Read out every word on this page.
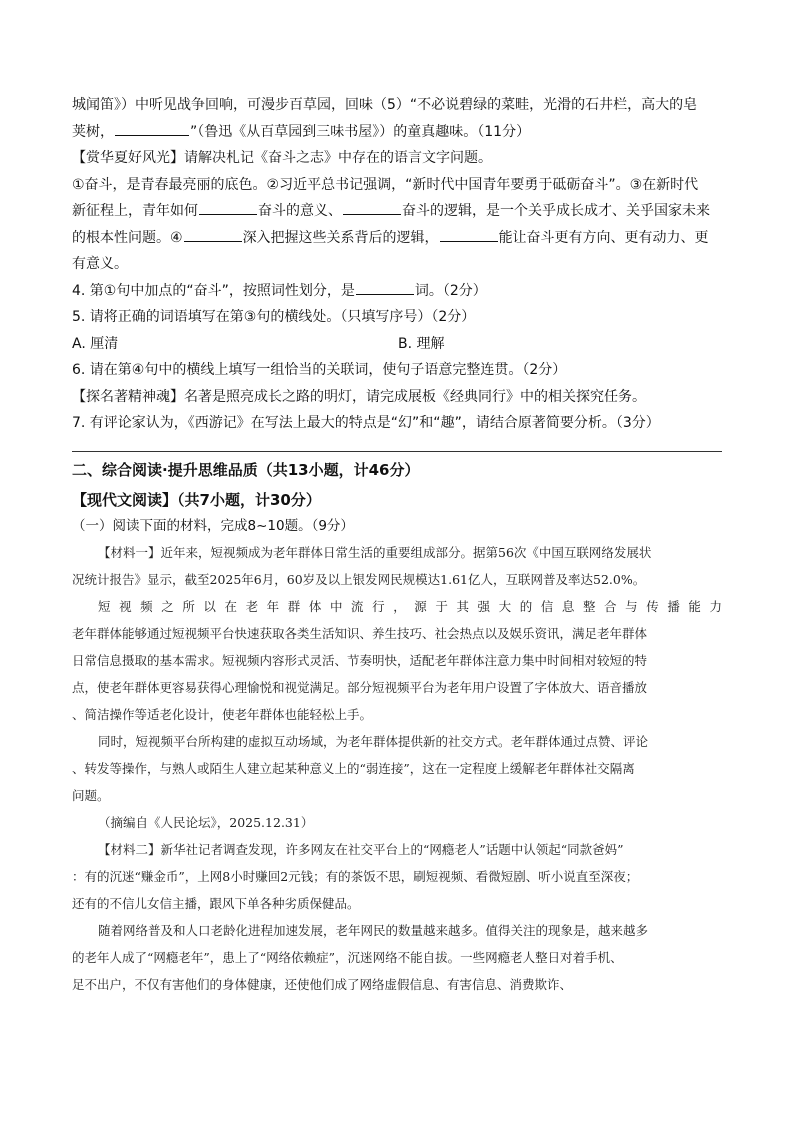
城闻笛》）中听见战争回响，可漫步百草园，回味（5）“不必说碧绿的菜畦，光滑的石井栏，高大的皂

荚树，	”（鲁迅《从百草园到三味书屋》）的童真趣味。（11分）

【赏华夏好风光】请解决札记《奋斗之志》中存在的语言文字问题。

①奋斗，是青春最亮丽的底色。②习近平总书记强调，“新时代中国青年要勇于砥砺奋斗”。③在新时代

新征程上，青年如何	奋斗的意义、	奋斗的逻辑，是一个关乎成长成才、关乎国家未来

的根本性问题。④	深入把握这些关系背后的逻辑，	能让奋斗更有方向、更有动力、更

有意义。

4. 第①句中加点的“奋斗”，按照词性划分，是	词。（2分）

5. 请将正确的词语填写在第③句的横线处。（只填写序号）（2分）

A. 厘清	B. 理解

6. 请在第④句中的横线上填写一组恰当的关联词，使句子语意完整连贯。（2分）

【探名著精神魂】名著是照亮成长之路的明灯，请完成展板《经典同行》中的相关探究任务。

7. 有评论家认为，《西游记》在写法上最大的特点是“幻”和“趣”，请结合原著简要分析。（3分）

二、综合阅读·提升思维品质（共13小题，计46分）

【现代文阅读】（共7小题，计30分）

（一）阅读下面的材料，完成8~10题。（9分）

【材料一】近年来，短视频成为老年群体日常生活的重要组成部分。据第56次《中国互联网络发展状

况统计报告》显示，截至2025年6月，60岁及以上银发网民规模达1.61亿人，互联网普及率达52.0%。

短视频之所以在老年群体中流行，源于其强大的信息整合与传播能力

老年群体能够通过短视频平台快速获取各类生活知识、养生技巧、社会热点以及娱乐资讯，满足老年群体

日常信息摄取的基本需求。短视频内容形式灵活、节奏明快，适配老年群体注意力集中时间相对较短的特

点，使老年群体更容易获得心理愉悦和视觉满足。部分短视频平台为老年用户设置了字体放大、语音播放

、简洁操作等适老化设计，使老年群体也能轻松上手。

同时，短视频平台所构建的虚拟互动场域，为老年群体提供新的社交方式。老年群体通过点赞、评论

、转发等操作，与熟人或陌生人建立起某种意义上的“弱连接”，这在一定程度上缓解老年群体社交隔离

问题。

（摘编自《人民论坛》，2025.12.31）

【材料二】新华社记者调查发现，许多网友在社交平台上的“网瘾老人”话题中认领起“同款爸妈”

：有的沉迷“赚金币”，上网8小时赚回2元钱；有的茶饭不思，刷短视频、看微短剧、听小说直至深夜；

还有的不信儿女信主播，跟风下单各种劣质保健品。

随着网络普及和人口老龄化进程加速发展，老年网民的数量越来越多。值得关注的现象是，越来越多

的老年人成了“网瘾老年”，患上了“网络依赖症”，沉迷网络不能自拔。一些网瘾老人整日对着手机、

足不出户，不仅有害他们的身体健康，还使他们成了网络虚假信息、有害信息、消费欺诈、
